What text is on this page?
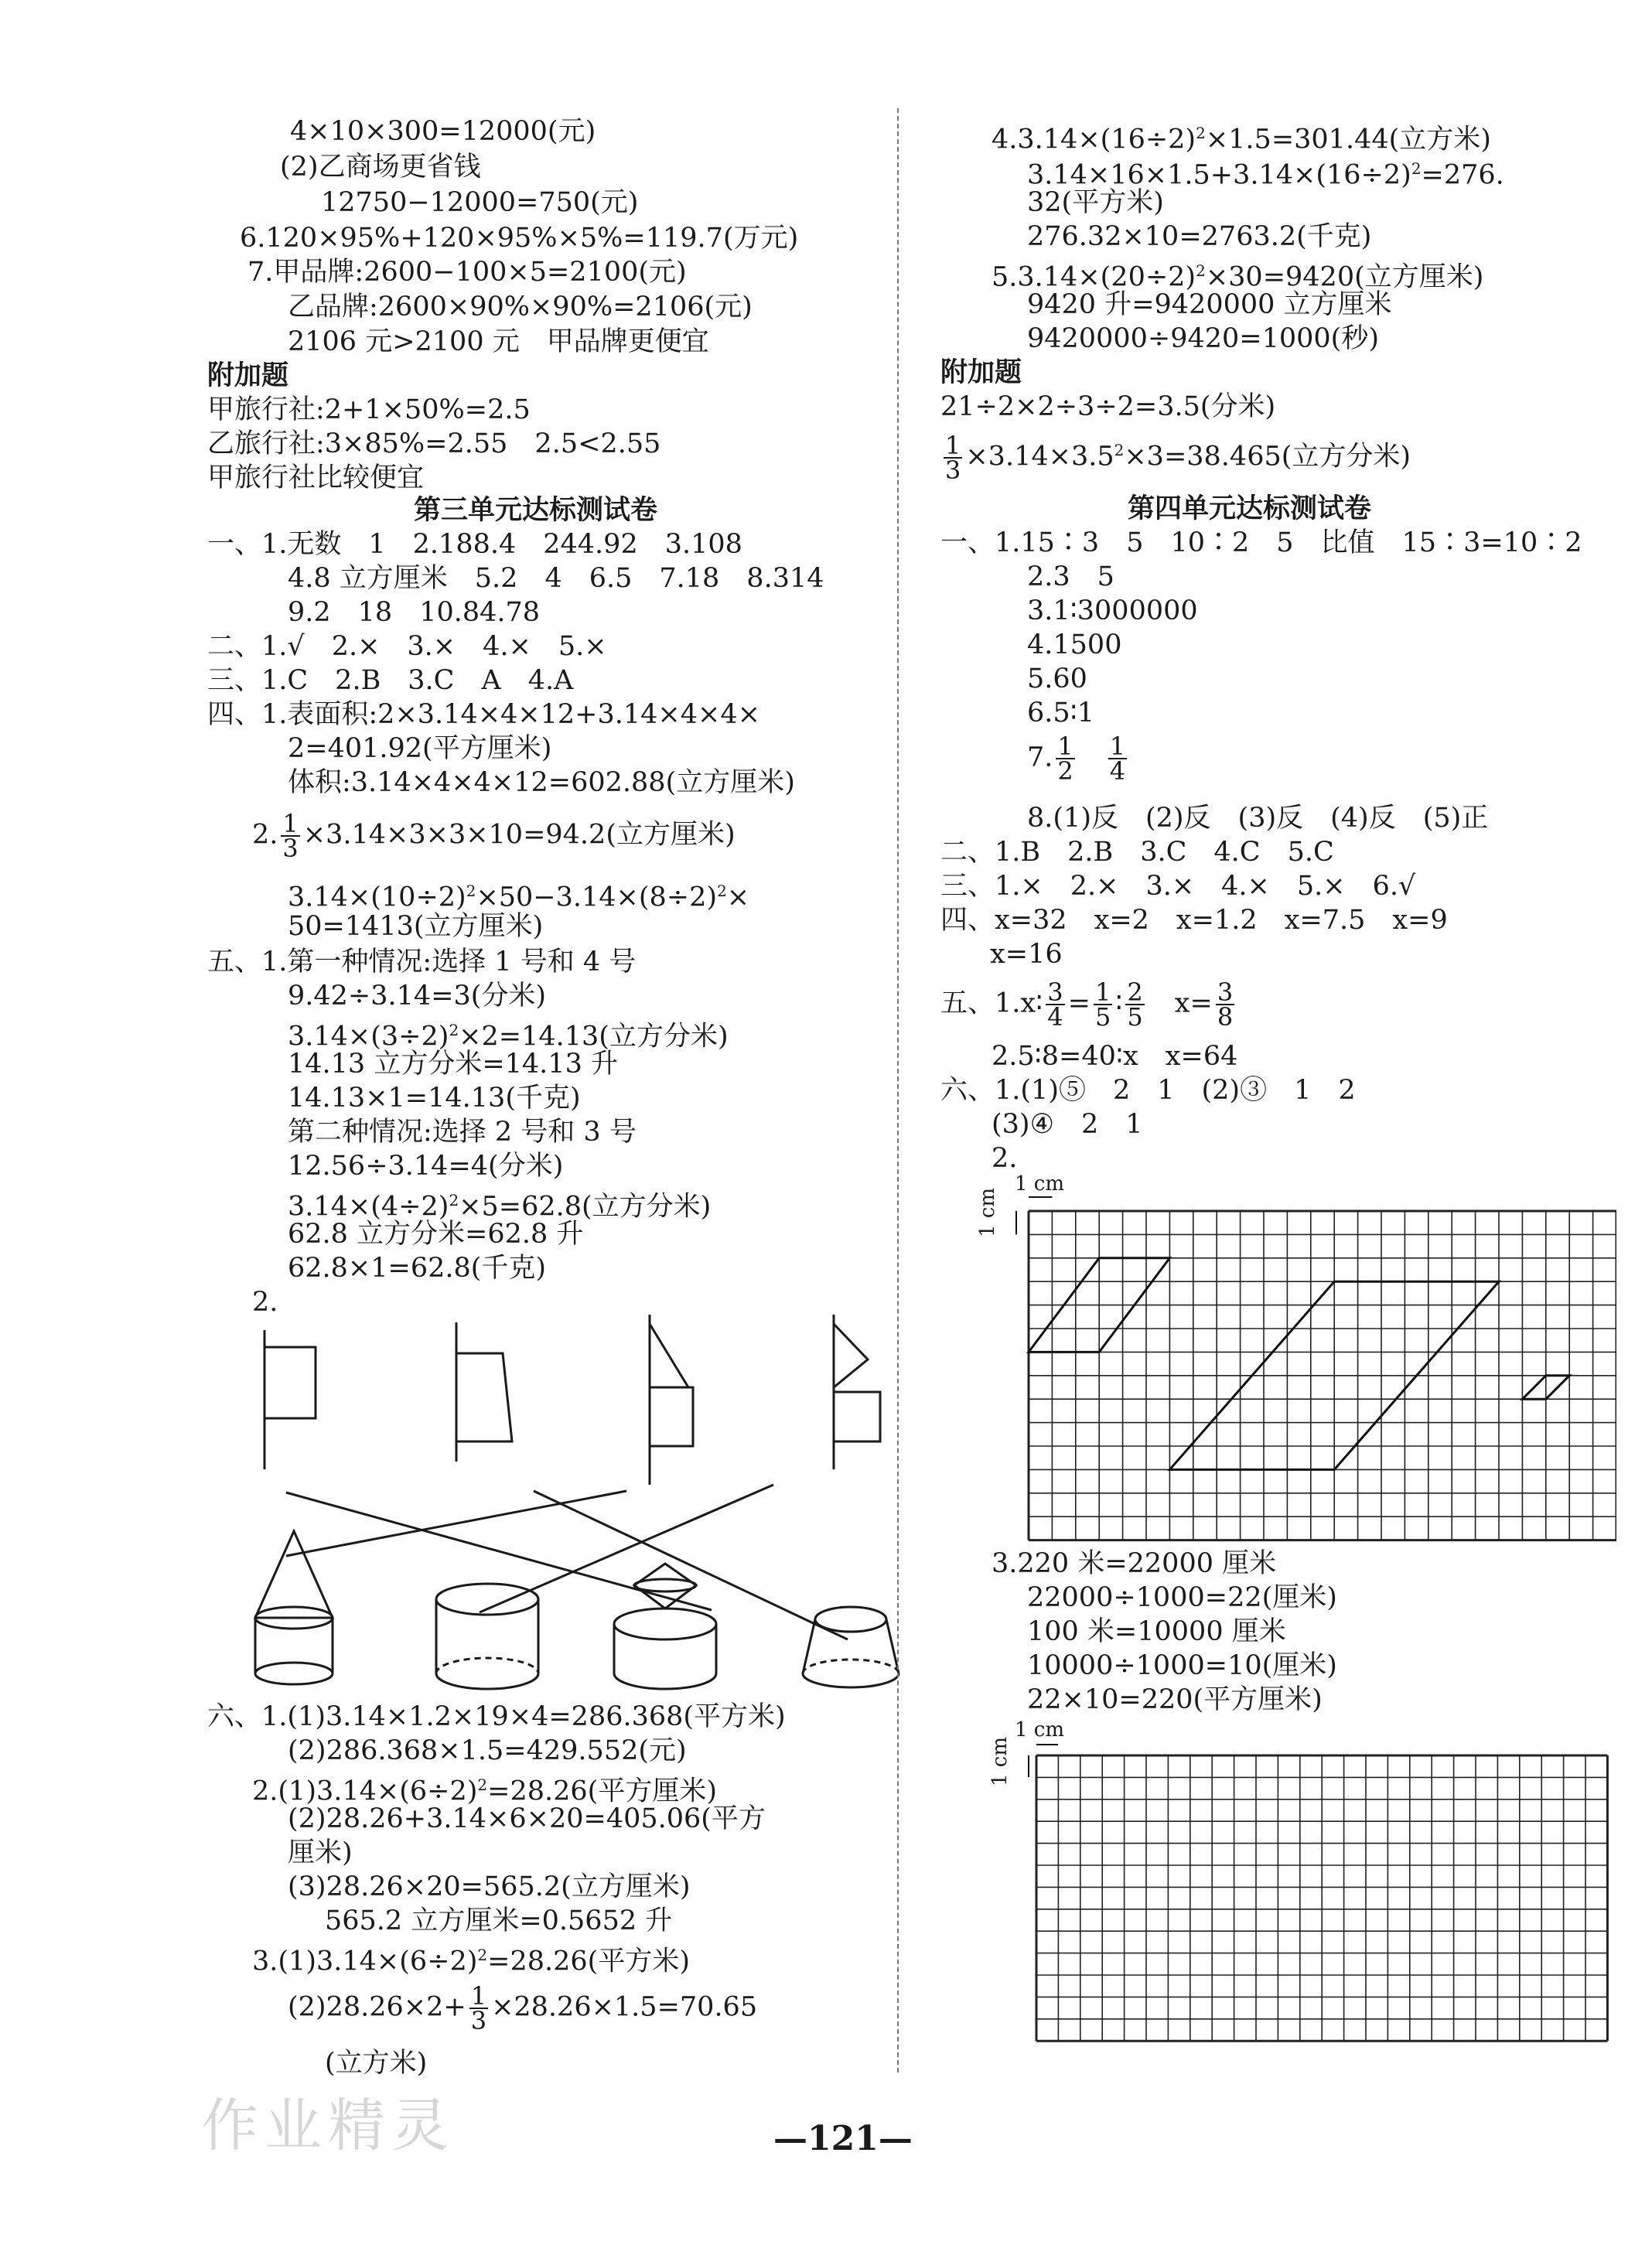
4×10×300=12000(元)
(2)乙商场更省钱
12750−12000=750(元)
6.120×95%+120×95%×5%=119.7(万元)
7.甲品牌:2600−100×5=2100(元)
乙品牌:2600×90%×90%=2106(元)
2106 元>2100 元　甲品牌更便宜
附加题
甲旅行社:2+1×50%=2.5
乙旅行社:3×85%=2.55　2.5<2.55
甲旅行社比较便宜
第三单元达标测试卷
一、1.无数　1　2.188.4　244.92　3.108
4.8 立方厘米　5.2　4　6.5　7.18　8.314
9.2　18　10.84.78
二、1.√　2.×　3.×　4.×　5.×
三、1.C　2.B　3.C　A　4.A
四、1.表面积:2×3.14×4×12+3.14×4×4×
2=401.92(平方厘米)
体积:3.14×4×4×12=602.88(立方厘米)
2. $\frac{1}{3} \times 3.14\times 3\times 3\times 10=94.2$(立方厘米)
$3.14\times(10\div 2)^2\times 50-3.14\times(8\div 2)^2\times$
50=1413(立方厘米)
五、1.第一种情况:选择 1 号和 4 号
9.42÷3.14=3(分米)
$3.14\times(3\div 2)^2\times 2=14.13$(立方分米)
14.13 立方分米=14.13 升
14.13×1=14.13(千克)
第二种情况:选择 2 号和 3 号
12.56÷3.14=4(分米)
$3.14\times(4\div 2)^2\times 5=62.8$(立方分米)
62.8 立方分米=62.8 升
62.8×1=62.8(千克)
2.
六、1.(1)3.14×1.2×19×4=286.368(平方米)
(2)286.368×1.5=429.552(元)
$2.(1)3.14\times(6\div 2)^2=28.26$(平方厘米)
(2)28.26+3.14×6×20=405.06(平方
厘米)
(3)28.26×20=565.2(立方厘米)
565.2 立方厘米=0.5652 升
$3.(1)3.14\times(6\div 2)^2=28.26$(平方米)
$(2)28.26\times 2+ \frac{1}{3} \times 28.26\times 1.5=70.65$
(立方米)
$4.3.14\times(16\div 2)^2\times 1.5=301.44$(立方米)
$3.14\times 16\times 1.5+3.14\times(16\div 2)^2=276$.
32(平方米)
276.32×10=2763.2(千克)
$5.3.14\times(20\div 2)^2\times 30=9420$(立方厘米)
9420 升=9420000 立方厘米
9420000÷9420=1000(秒)
附加题
21÷2×2÷3÷2=3.5(分米)
$\frac{1}{3} \times 3.14\times 3.5^2\times 3=38.465$(立方分米)
第四单元达标测试卷
一、1.15∶3　5　10∶2　5　比值　15∶3=10∶2
2.3　5
3.1∶3000000
4.1500
5.60
6.5∶1
7. $\frac{1}{2}$
　 $\frac{1}{4}$
8.(1)反　(2)反　(3)反　(4)反　(5)正
二、1.B　2.B　3.C　4.C　5.C
三、1.×　2.×　3.×　4.×　5.×　6.√
四、x=32　x=2　x=1.2　x=7.5　x=9
x=16
五、1.x∶ $\frac{3}{4} = \frac{1}{5}$ ∶ $\frac{2}{5}$ 　$x= \frac{3}{8}$
2.5∶8=40∶x　x=64
六、1.(1)⑤　2　1　(2)③　1　2
(3)④　2　1
2.
1 cm
1 cm
3.220 米=22000 厘米
22000÷1000=22(厘米)
100 米=10000 厘米
10000÷1000=10(厘米)
22×10=220(平方厘米)
1 cm
1 cm
—121—
作业精灵
